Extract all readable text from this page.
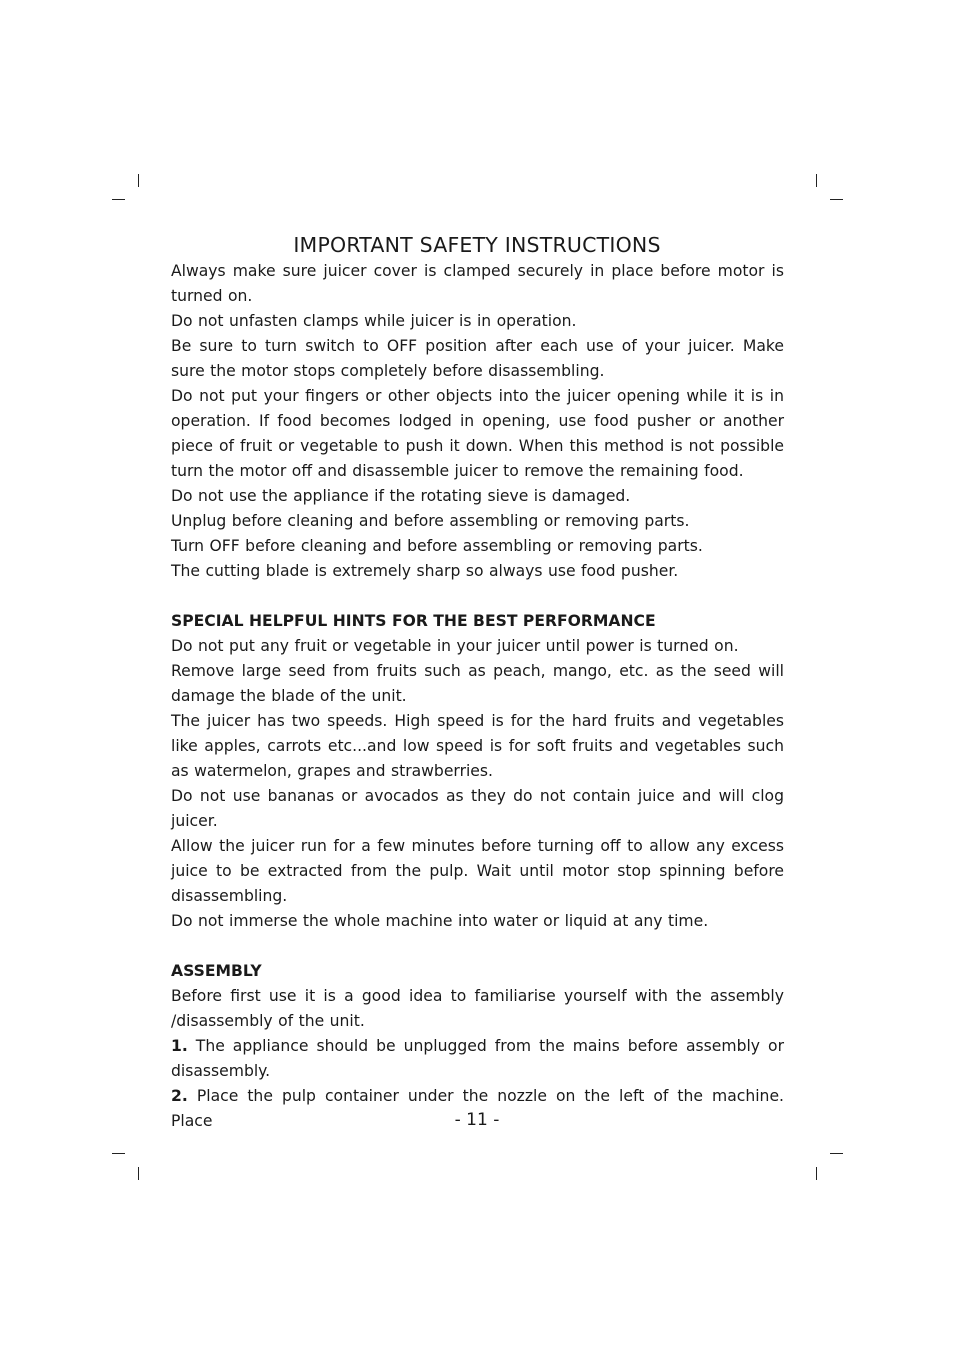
IMPORTANT SAFETY INSTRUCTIONS

Always make sure juicer cover is clamped securely in place before motor is turned on.

Do not unfasten clamps while juicer is in operation.

Be sure to turn switch to OFF position after each use of your juicer. Make sure the motor stops completely before disassembling.

Do not put your fingers or other objects into the juicer opening while it is in operation. If food becomes lodged in opening, use food pusher or another piece of fruit or vegetable to push it down. When this method is not possible turn the motor off and disassemble juicer to remove the remaining food.

Do not use the appliance if the rotating sieve is damaged.

Unplug before cleaning and before assembling or removing parts.

Turn OFF before cleaning and before assembling or removing parts.

The cutting blade is extremely sharp so always use food pusher.

SPECIAL HELPFUL HINTS FOR THE BEST PERFORMANCE

Do not put any fruit or vegetable in your juicer until power is turned on.

Remove large seed from fruits such as peach, mango, etc. as the seed will damage the blade of the unit.

The juicer has two speeds. High speed is for the hard fruits and vegetables like apples, carrots etc...and low speed is for soft fruits and vegetables such as watermelon, grapes and strawberries.

Do not use bananas or avocados as they do not contain juice and will clog juicer.

Allow the juicer run for a few minutes before turning off to allow any excess juice to be extracted from the pulp. Wait until motor stop spinning before disassembling.

Do not immerse the whole machine into water or liquid at any time.

ASSEMBLY

Before first use it is a good idea to familiarise yourself with the assembly /disassembly of the unit.

1. The appliance should be unplugged from the mains before assembly or disassembly.

2. Place the pulp container under the nozzle on the left of the machine. Place	- 11 -
